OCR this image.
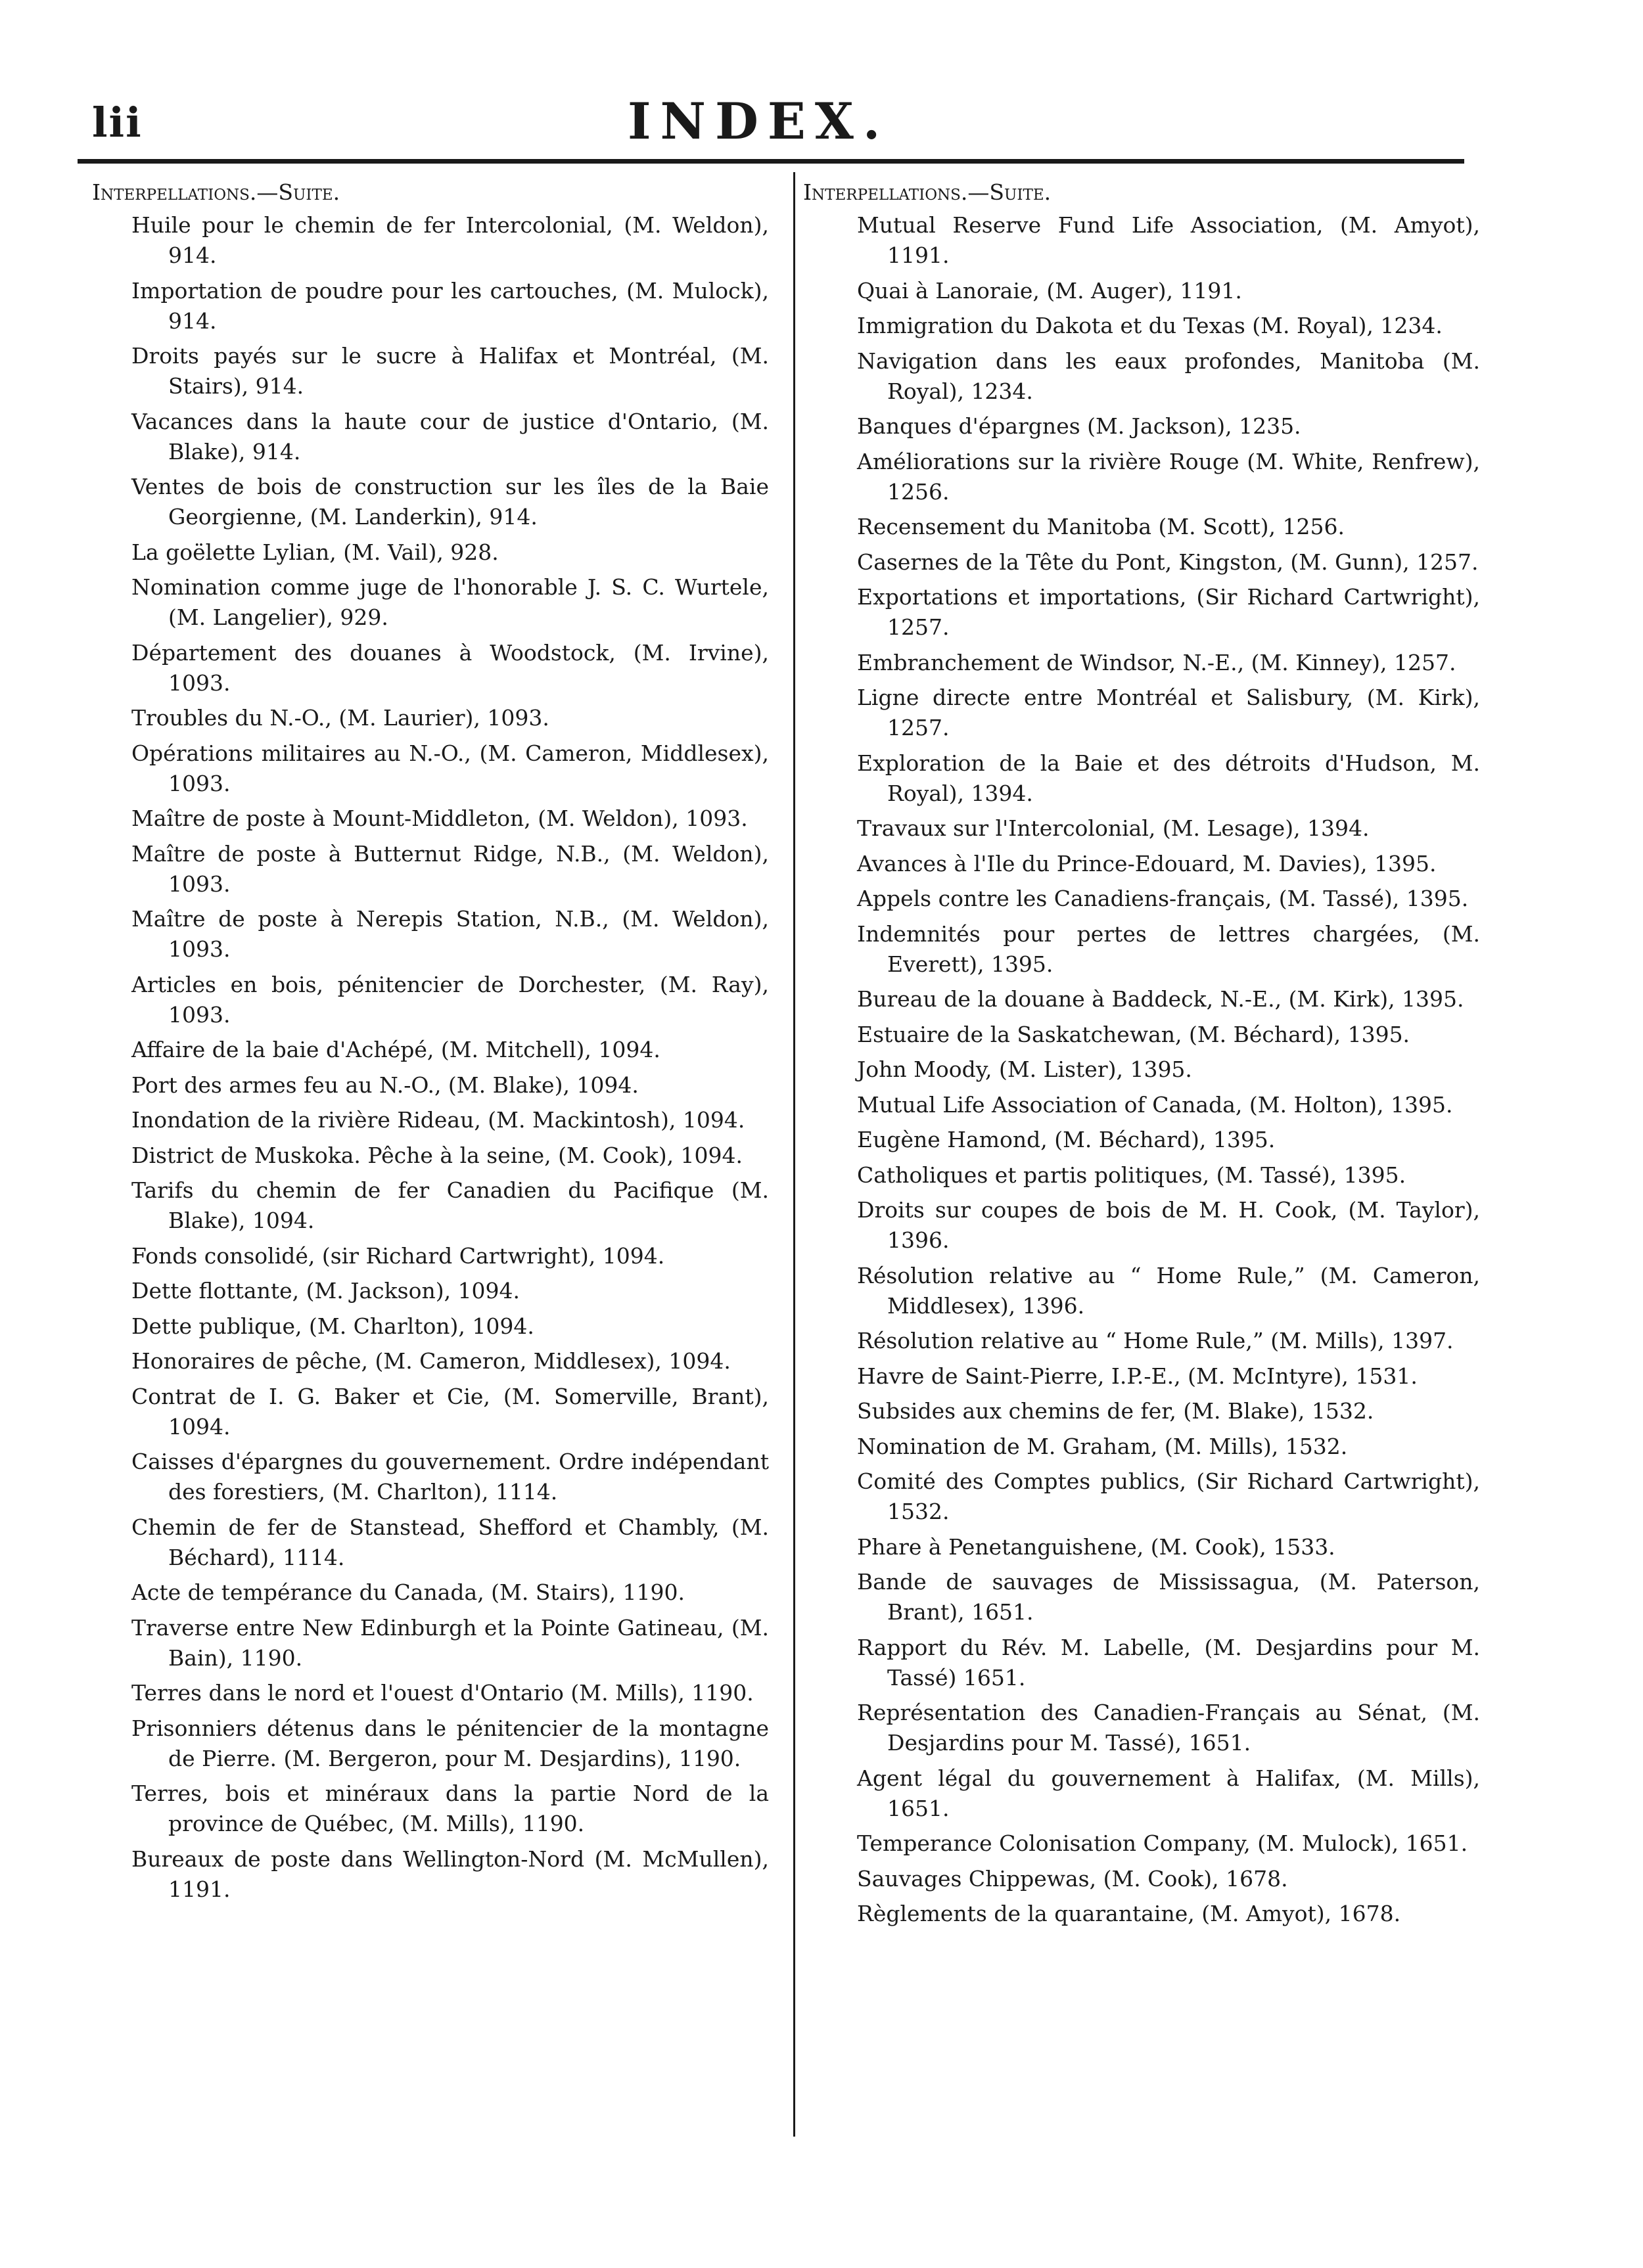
lii	INDEX.
Interpellations.—Suite.
Huile pour le chemin de fer Intercolonial, (M. Weldon), 914.
Importation de poudre pour les cartouches, (M. Mulock), 914.
Droits payés sur le sucre à Halifax et Montréal, (M. Stairs), 914.
Vacances dans la haute cour de justice d'Ontario, (M. Blake), 914.
Ventes de bois de construction sur les îles de la Baie Georgienne, (M. Landerkin), 914.
La goëlette Lylian, (M. Vail), 928.
Nomination comme juge de l'honorable J. S. C. Wurtele, (M. Langelier), 929.
Département des douanes à Woodstock, (M. Irvine), 1093.
Troubles du N.-O., (M. Laurier), 1093.
Opérations militaires au N.-O., (M. Cameron, Middlesex), 1093.
Maître de poste à Mount-Middleton, (M. Weldon), 1093.
Maître de poste à Butternut Ridge, N.B., (M. Weldon), 1093.
Maître de poste à Nerepis Station, N.B., (M. Weldon), 1093.
Articles en bois, pénitencier de Dorchester, (M. Ray), 1093.
Affaire de la baie d'Achépé, (M. Mitchell), 1094.
Port des armes feu au N.-O., (M. Blake), 1094.
Inondation de la rivière Rideau, (M. Mackintosh), 1094.
District de Muskoka. Pêche à la seine, (M. Cook), 1094.
Tarifs du chemin de fer Canadien du Pacifique (M. Blake), 1094.
Fonds consolidé, (sir Richard Cartwright), 1094.
Dette flottante, (M. Jackson), 1094.
Dette publique, (M. Charlton), 1094.
Honoraires de pêche, (M. Cameron, Middlesex), 1094.
Contrat de I. G. Baker et Cie, (M. Somerville, Brant), 1094.
Caisses d'épargnes du gouvernement. Ordre indépendant des forestiers, (M. Charlton), 1114.
Chemin de fer de Stanstead, Shefford et Chambly, (M. Béchard), 1114.
Acte de tempérance du Canada, (M. Stairs), 1190.
Traverse entre New Edinburgh et la Pointe Gatineau, (M. Bain), 1190.
Terres dans le nord et l'ouest d'Ontario (M. Mills), 1190.
Prisonniers détenus dans le pénitencier de la montagne de Pierre. (M. Bergeron, pour M. Desjardins), 1190.
Terres, bois et minéraux dans la partie Nord de la province de Québec, (M. Mills), 1190.
Bureaux de poste dans Wellington-Nord (M. McMullen), 1191.
Interpellations.—Suite.
Mutual Reserve Fund Life Association, (M. Amyot), 1191.
Quai à Lanoraie, (M. Auger), 1191.
Immigration du Dakota et du Texas (M. Royal), 1234.
Navigation dans les eaux profondes, Manitoba (M. Royal), 1234.
Banques d'épargnes (M. Jackson), 1235.
Améliorations sur la rivière Rouge (M. White, Renfrew), 1256.
Recensement du Manitoba (M. Scott), 1256.
Casernes de la Tête du Pont, Kingston, (M. Gunn), 1257.
Exportations et importations, (Sir Richard Cartwright), 1257.
Embranchement de Windsor, N.-E., (M. Kinney), 1257.
Ligne directe entre Montréal et Salisbury, (M. Kirk), 1257.
Exploration de la Baie et des détroits d'Hudson, M. Royal), 1394.
Travaux sur l'Intercolonial, (M. Lesage), 1394.
Avances à l'Ile du Prince-Edouard, M. Davies), 1395.
Appels contre les Canadiens-français, (M. Tassé), 1395.
Indemnités pour pertes de lettres chargées, (M. Everett), 1395.
Bureau de la douane à Baddeck, N.-E., (M. Kirk), 1395.
Estuaire de la Saskatchewan, (M. Béchard), 1395.
John Moody, (M. Lister), 1395.
Mutual Life Association of Canada, (M. Holton), 1395.
Eugène Hamond, (M. Béchard), 1395.
Catholiques et partis politiques, (M. Tassé), 1395.
Droits sur coupes de bois de M. H. Cook, (M. Taylor), 1396.
Résolution relative au “ Home Rule,” (M. Cameron, Middlesex), 1396.
Résolution relative au “ Home Rule,” (M. Mills), 1397.
Havre de Saint-Pierre, I.P.-E., (M. McIntyre), 1531.
Subsides aux chemins de fer, (M. Blake), 1532.
Nomination de M. Graham, (M. Mills), 1532.
Comité des Comptes publics, (Sir Richard Cartwright), 1532.
Phare à Penetanguishene, (M. Cook), 1533.
Bande de sauvages de Mississagua, (M. Paterson, Brant), 1651.
Rapport du Rév. M. Labelle, (M. Desjardins pour M. Tassé) 1651.
Représentation des Canadien-Français au Sénat, (M. Desjardins pour M. Tassé), 1651.
Agent légal du gouvernement à Halifax, (M. Mills), 1651.
Temperance Colonisation Company, (M. Mulock), 1651.
Sauvages Chippewas, (M. Cook), 1678.
Règlements de la quarantaine, (M. Amyot), 1678.
